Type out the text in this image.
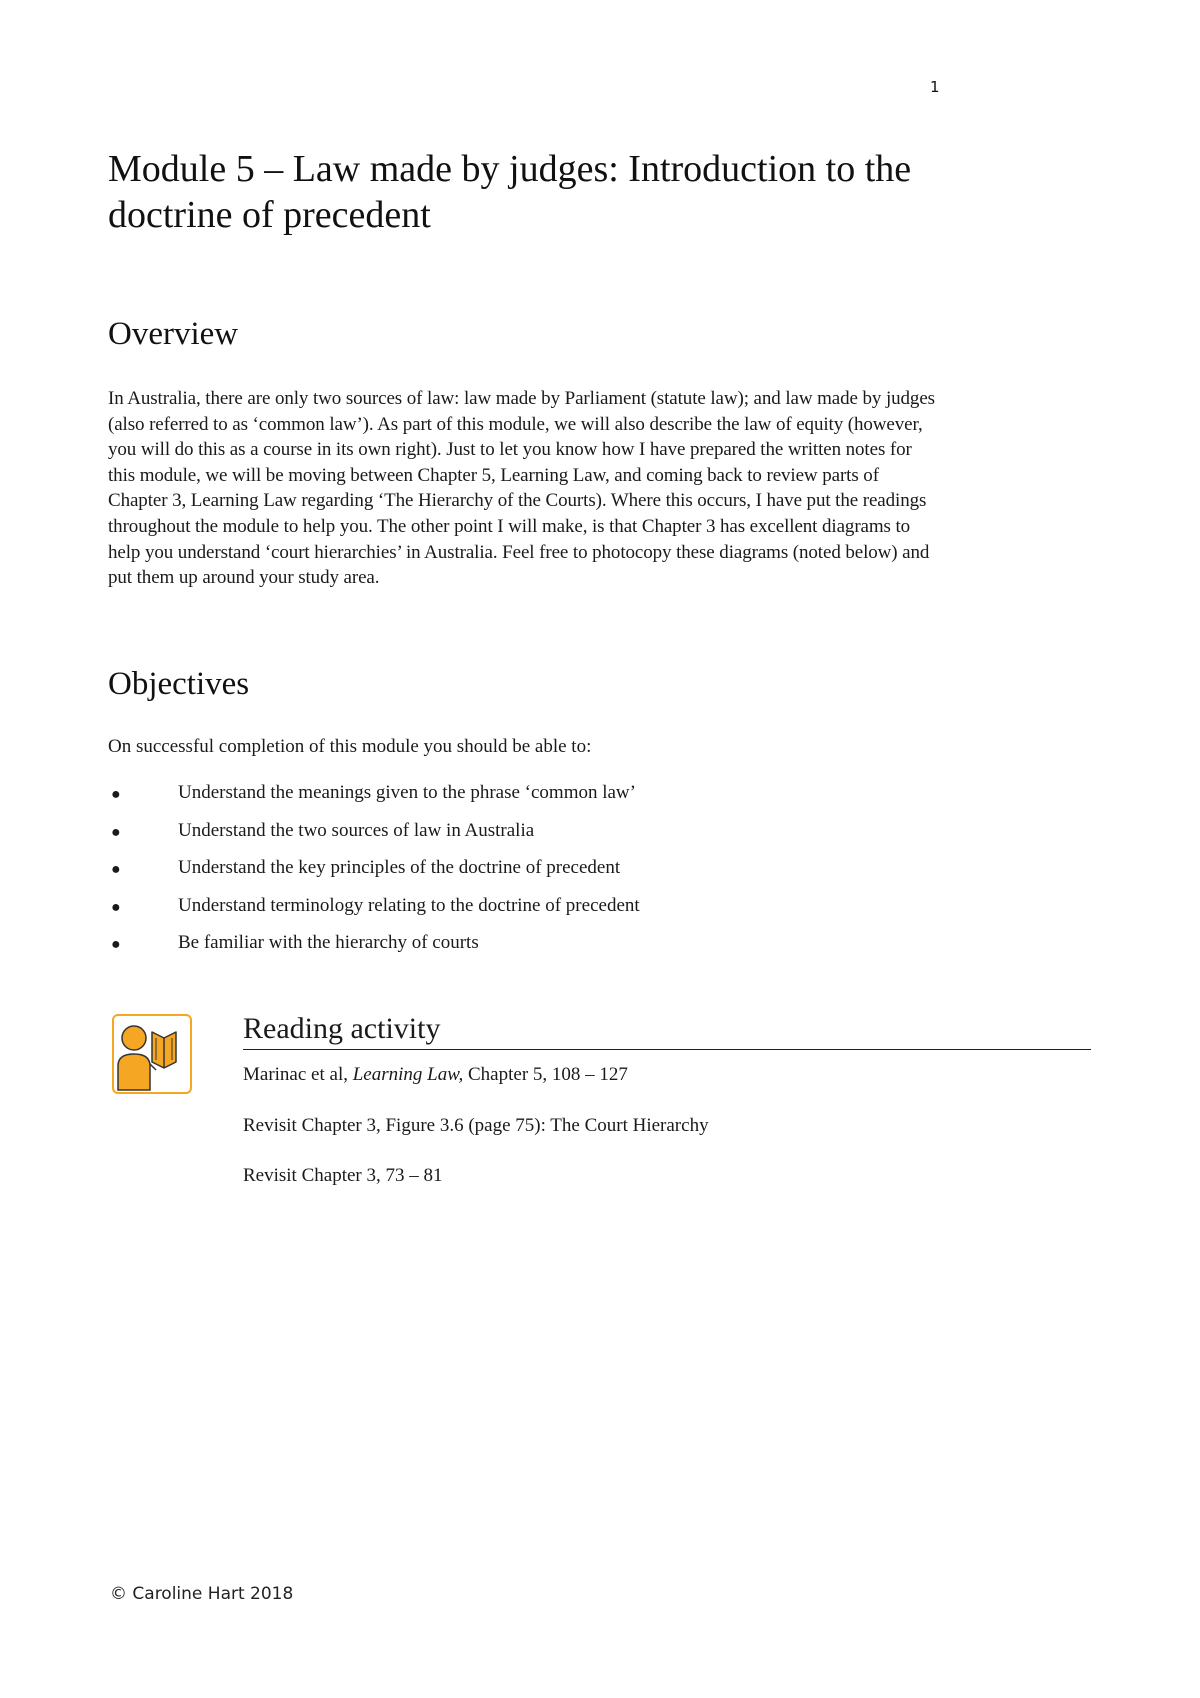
1
Module 5 – Law made by judges: Introduction to the
doctrine of precedent
Overview

In Australia, there are only two sources of law: law made by Parliament (statute law); and law made by judges
(also referred to as ‘common law’). As part of this module, we will also describe the law of equity (however,
you will do this as a course in its own right). Just to let you know how I have prepared the written notes for
this module, we will be moving between Chapter 5, Learning Law, and coming back to review parts of
Chapter 3, Learning Law regarding ‘The Hierarchy of the Courts). Where this occurs, I have put the readings
throughout the module to help you. The other point I will make, is that Chapter 3 has excellent diagrams to
help you understand ‘court hierarchies’ in Australia. Feel free to photocopy these diagrams (noted below) and
put them up around your study area.

Objectives

On successful completion of this module you should be able to:

●	Understand the meanings given to the phrase ‘common law’
●	Understand the two sources of law in Australia
●	Understand the key principles of the doctrine of precedent
●	Understand terminology relating to the doctrine of precedent
●	Be familiar with the hierarchy of courts
Reading activity
Marinac et al, Learning Law, Chapter 5, 108 – 127
Revisit Chapter 3, Figure 3.6 (page 75): The Court Hierarchy
Revisit Chapter 3, 73 – 81
© Caroline Hart 2018
